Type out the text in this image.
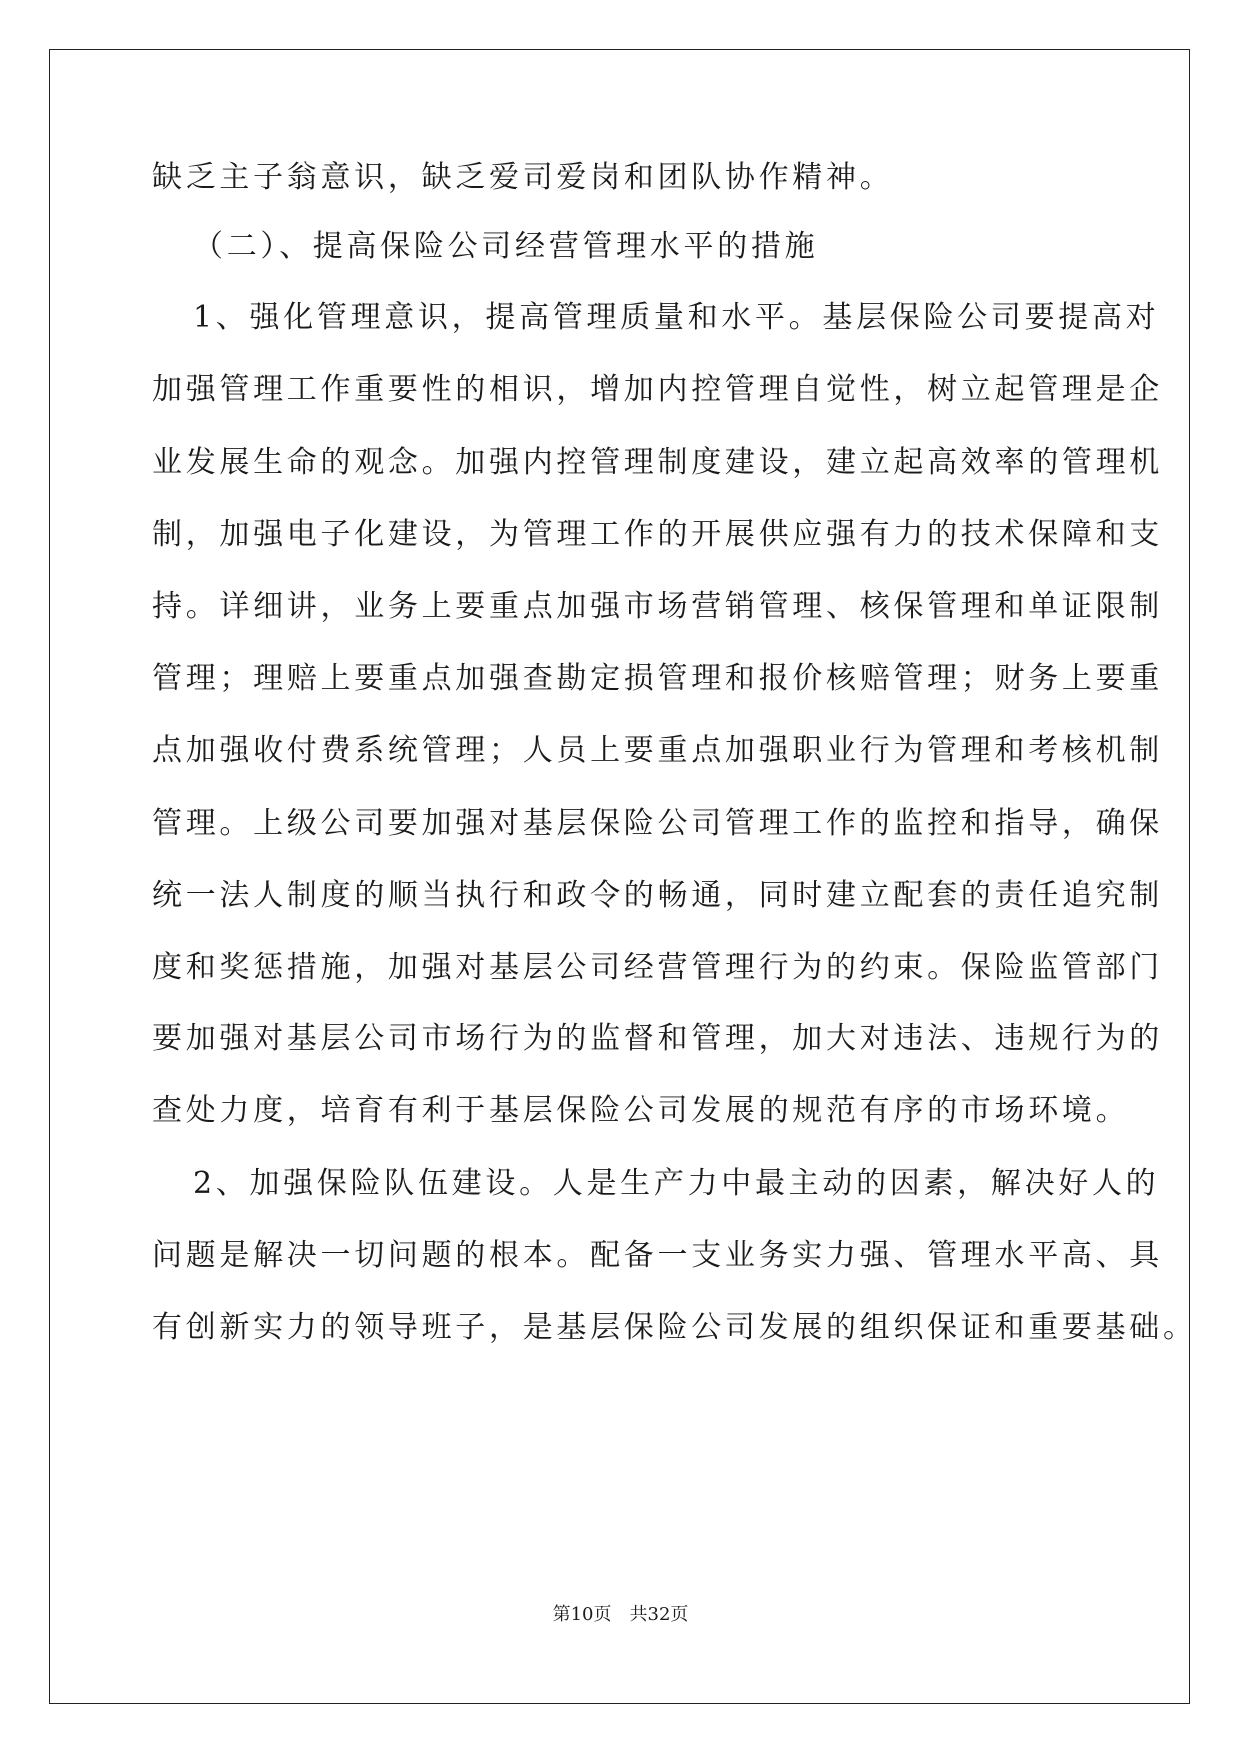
缺乏主子翁意识，缺乏爱司爱岗和团队协作精神。
（二）、提高保险公司经营管理水平的措施
1、强化管理意识，提高管理质量和水平。基层保险公司要提高对
加强管理工作重要性的相识，增加内控管理自觉性，树立起管理是企
业发展生命的观念。加强内控管理制度建设，建立起高效率的管理机
制，加强电子化建设，为管理工作的开展供应强有力的技术保障和支
持。详细讲，业务上要重点加强市场营销管理、核保管理和单证限制
管理；理赔上要重点加强查勘定损管理和报价核赔管理；财务上要重
点加强收付费系统管理；人员上要重点加强职业行为管理和考核机制
管理。上级公司要加强对基层保险公司管理工作的监控和指导，确保
统一法人制度的顺当执行和政令的畅通，同时建立配套的责任追究制
度和奖惩措施，加强对基层公司经营管理行为的约束。保险监管部门
要加强对基层公司市场行为的监督和管理，加大对违法、违规行为的
查处力度，培育有利于基层保险公司发展的规范有序的市场环境。
2、加强保险队伍建设。人是生产力中最主动的因素，解决好人的
问题是解决一切问题的根本。配备一支业务实力强、管理水平高、具
有创新实力的领导班子，是基层保险公司发展的组织保证和重要基础。
第10页　共32页
